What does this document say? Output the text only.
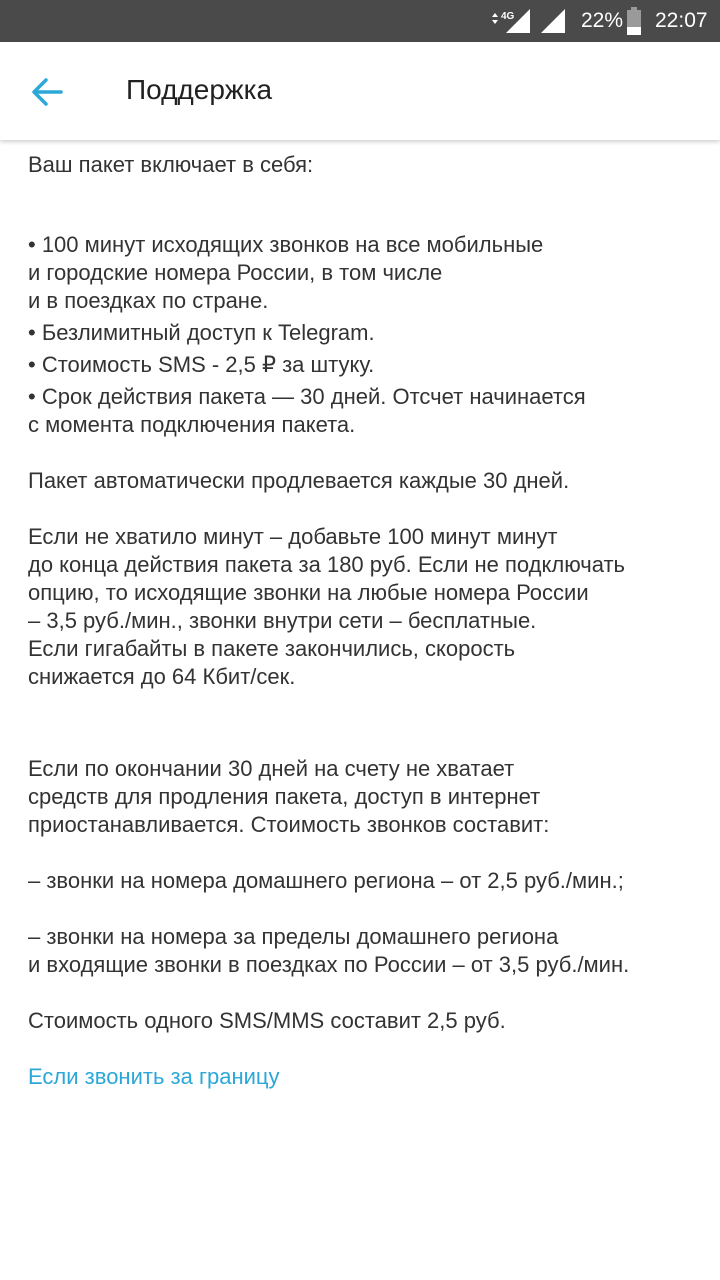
4G	22% 22:07
Поддержка
Ваш пакет включает в себя:
• 100 минут исходящих звонков на все мобильные
и городские номера России, в том числе
и в поездках по стране.
• Безлимитный доступ к Telegram.
• Стоимость SMS - 2,5 ₽ за штуку.
• Срок действия пакета — 30 дней. Отсчет начинается
с момента подключения пакета.
Пакет автоматически продлевается каждые 30 дней.
Если не хватило минут – добавьте 100 минут минут
до конца действия пакета за 180 руб. Если не подключать
опцию, то исходящие звонки на любые номера России
– 3,5 руб./мин., звонки внутри сети – бесплатные.
Если гигабайты в пакете закончились, скорость
снижается до 64 Кбит/сек.
Если по окончании 30 дней на счету не хватает
средств для продления пакета, доступ в интернет
приостанавливается. Стоимость звонков составит:
– звонки на номера домашнего региона – от 2,5 руб./мин.;
– звонки на номера за пределы домашнего региона
и входящие звонки в поездках по России – от 3,5 руб./мин.
Стоимость одного SMS/MMS составит 2,5 руб.
Если звонить за границу
